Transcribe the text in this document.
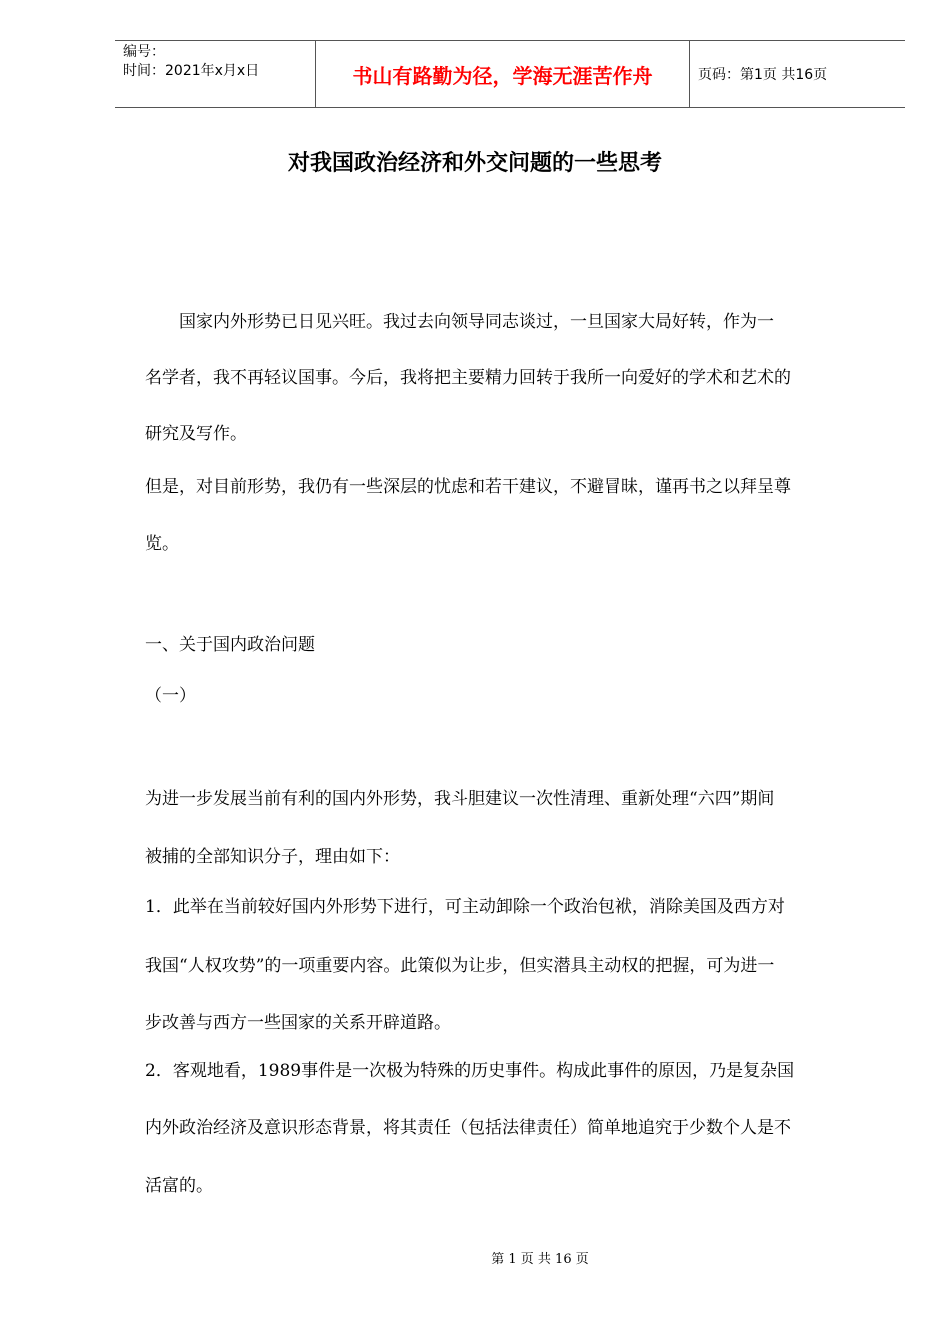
编号：
时间：2021年x月x日	书山有路勤为径，学海无涯苦作舟	页码：第1页 共16页
对我国政治经济和外交问题的一些思考
　　国家内外形势已日见兴旺。我过去向领导同志谈过，一旦国家大局好转，作为一
名学者，我不再轻议国事。今后，我将把主要精力回转于我所一向爱好的学术和艺术的
研究及写作。
但是，对目前形势，我仍有一些深层的忧虑和若干建议，不避冒昧，谨再书之以拜呈尊
览。
一、关于国内政治问题
（一）
为进一步发展当前有利的国内外形势，我斗胆建议一次性清理、重新处理“六四”期间
被捕的全部知识分子，理由如下：
1．此举在当前较好国内外形势下进行，可主动卸除一个政治包袱，消除美国及西方对
我国“人权攻势”的一项重要内容。此策似为让步，但实潜具主动权的把握，可为进一
步改善与西方一些国家的关系开辟道路。
2．客观地看，1989事件是一次极为特殊的历史事件。构成此事件的原因，乃是复杂国
内外政治经济及意识形态背景，将其责任（包括法律责任）简单地追究于少数个人是不
活富的。
第 1 页 共 16 页
